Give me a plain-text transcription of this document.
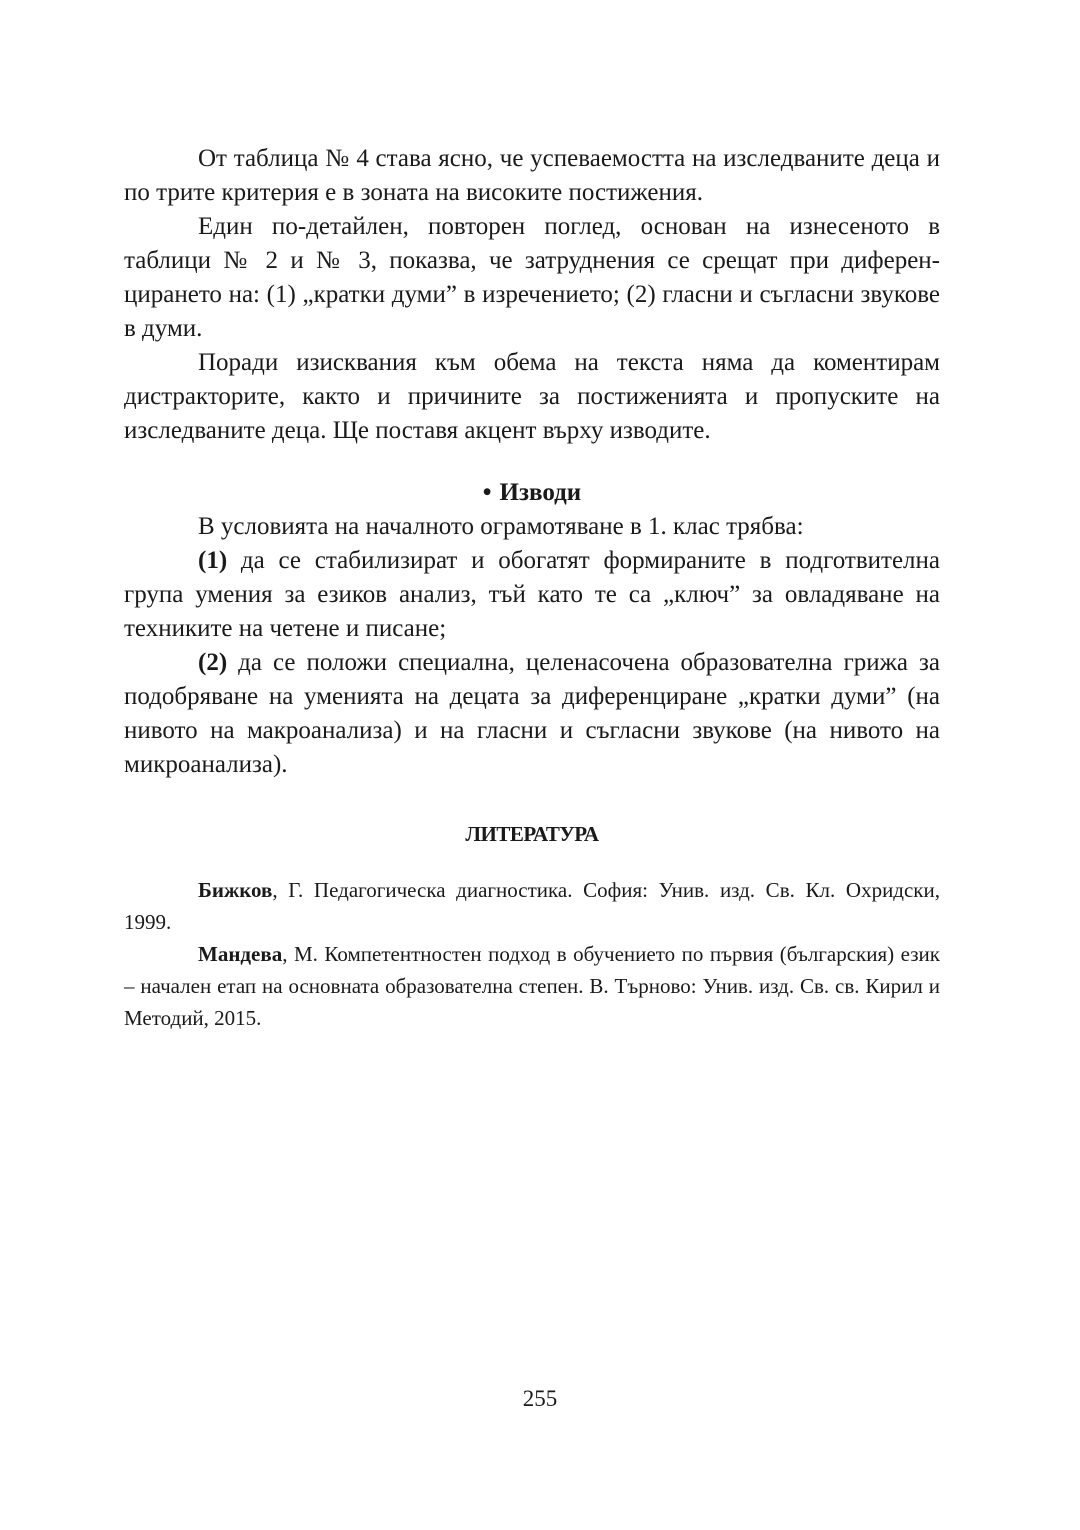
От таблица № 4 става ясно, че успеваемостта на изследваните деца и по трите критерия е в зоната на високите постижения.

Един по-детайлен, повторен поглед, основан на изнесеното в таблици № 2 и № 3, показва, че затруднения се срещат при диференцирането на: (1) „кратки думи” в изречението; (2) гласни и съгласни звукове в думи.

Поради изисквания към обема на текста няма да коментирам дистракторите, както и причините за постиженията и пропуските на изследваните деца. Ще поставя акцент върху изводите.

• Изводи

В условията на началното ограмотяване в 1. клас трябва:

(1) да се стабилизират и обогатят формираните в подготвителна група умения за езиков анализ, тъй като те са „ключ” за овладяване на техниките на четене и писане;

(2) да се положи специална, целенасочена образователна грижа за подобряване на уменията на децата за диференциране „кратки думи” (на нивото на макроанализа) и на гласни и съгласни звукове (на нивото на микроанализа).

ЛИТЕРАТУРА

Бижков, Г. Педагогическа диагностика. София: Унив. изд. Св. Кл. Охридски, 1999.

Мандева, М. Компетентностен подход в обучението по първия (българския) език – начален етап на основната образователна степен. В. Търново: Унив. изд. Св. св. Кирил и Методий, 2015.

255
